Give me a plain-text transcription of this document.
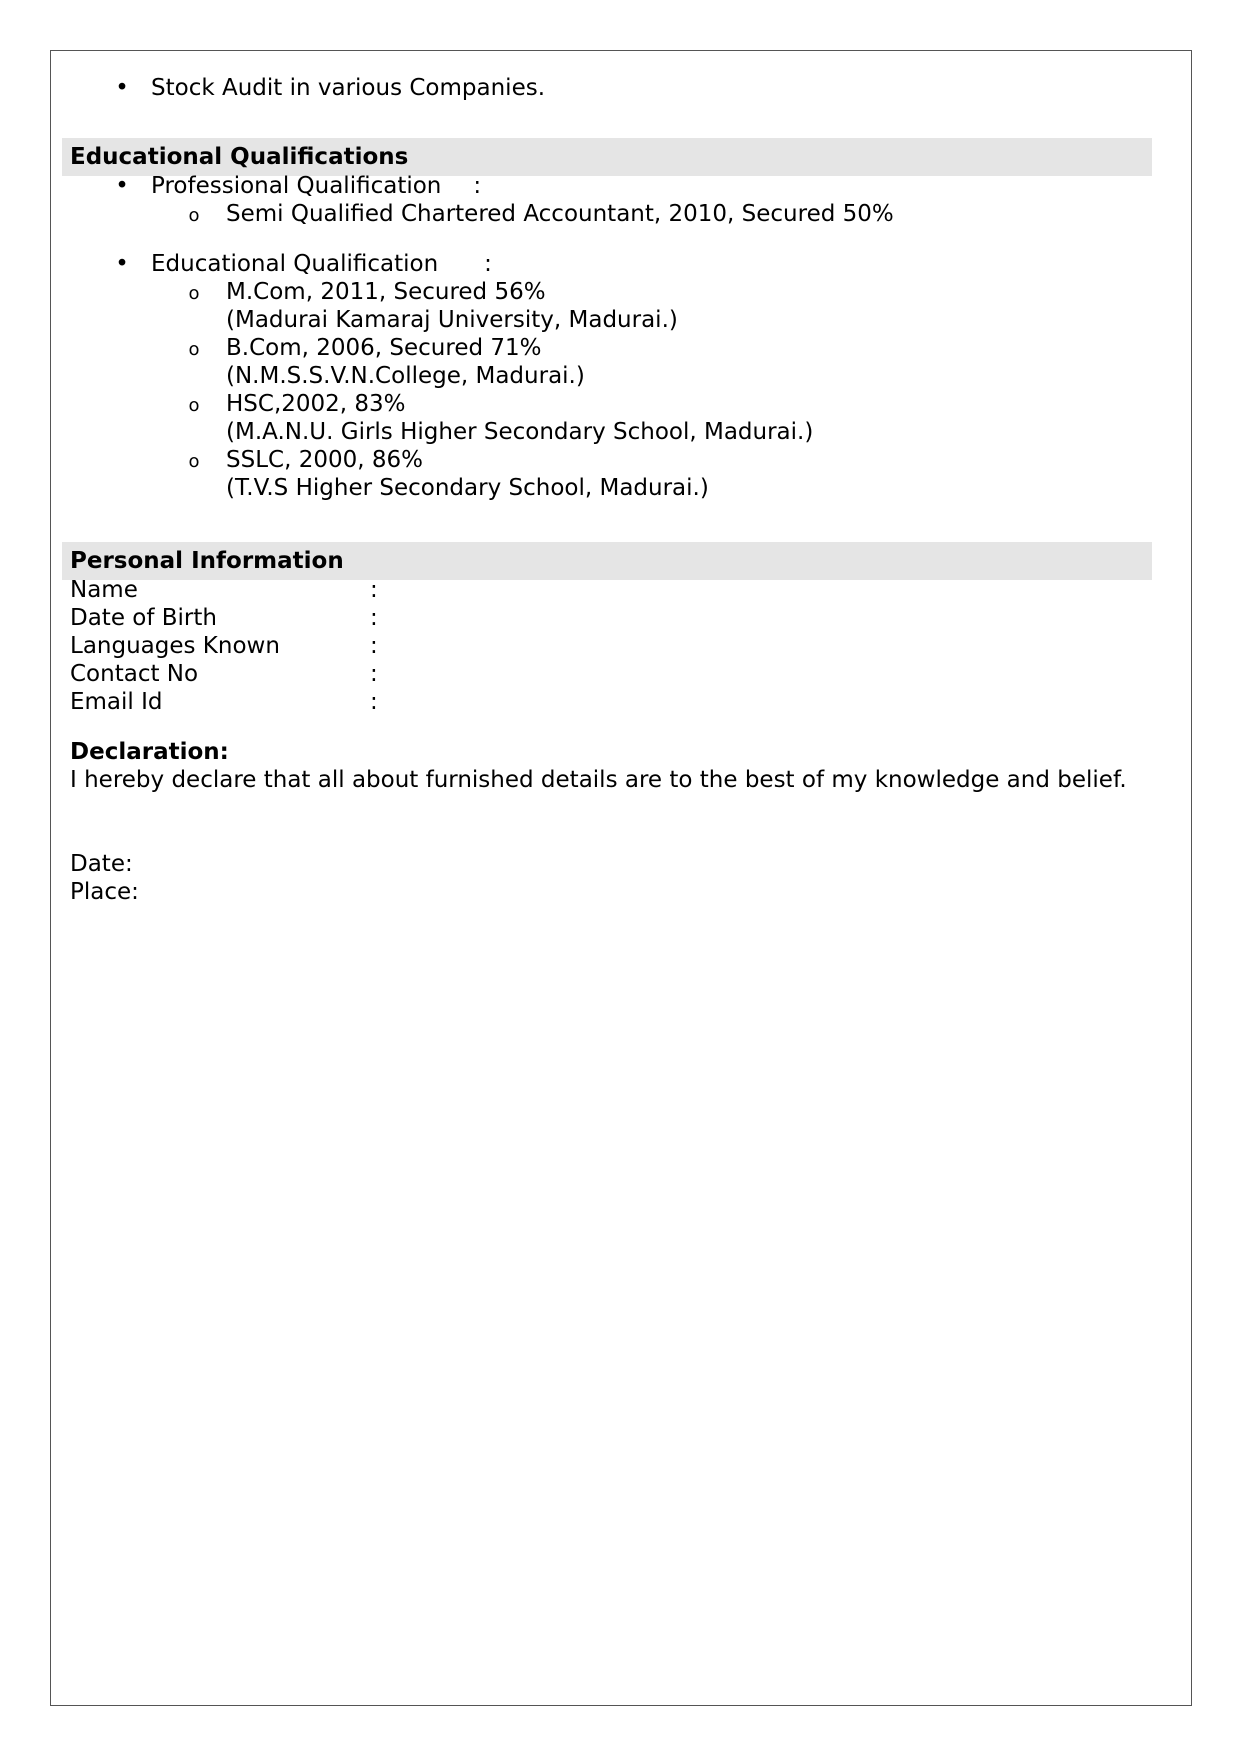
• Stock Audit in various Companies.
Educational Qualifications
• Professional Qualification :
o Semi Qualified Chartered Accountant, 2010, Secured 50%
• Educational Qualification :
o M.Com, 2011, Secured 56%
(Madurai Kamaraj University, Madurai.)
o B.Com, 2006, Secured 71%
(N.M.S.S.V.N.College, Madurai.)
o HSC,2002, 83%
(M.A.N.U. Girls Higher Secondary School, Madurai.)
o SSLC, 2000, 86%
(T.V.S Higher Secondary School, Madurai.)
Personal Information
Name	:
Date of Birth	:
Languages Known	:
Contact No	:
Email Id	:
Declaration:
I hereby declare that all about furnished details are to the best of my knowledge and belief.
Date:
Place:
